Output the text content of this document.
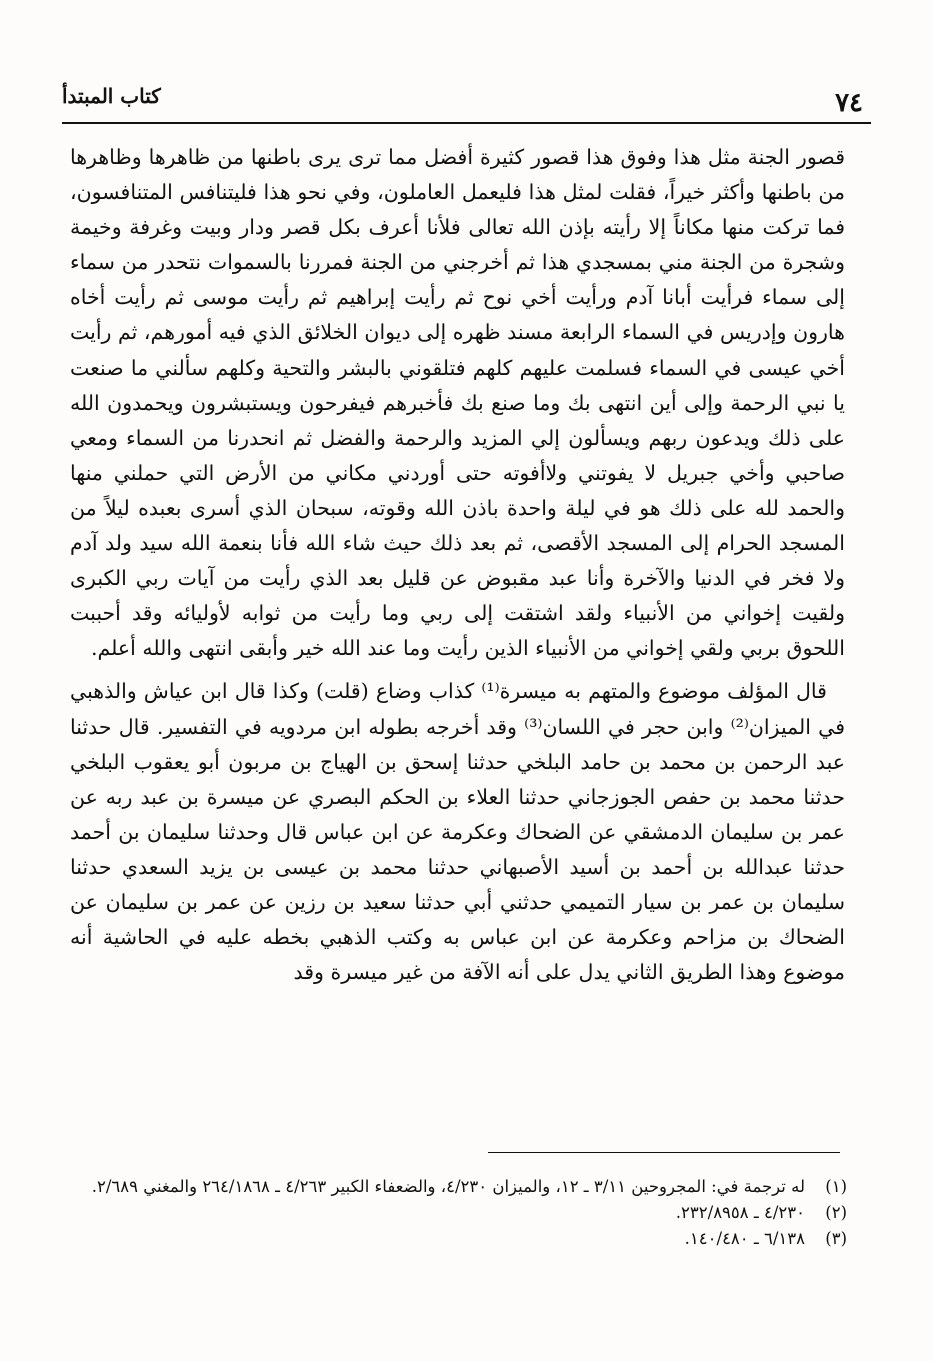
٧٤
كتاب المبتدأ

قصور الجنة مثل هذا وفوق هذا قصور كثيرة أفضل مما ترى يرى باطنها من ظاهرها وظاهرها من باطنها وأكثر خيراً، فقلت لمثل هذا فليعمل العاملون، وفي نحو هذا فليتنافس المتنافسون، فما تركت منها مكاناً إلا رأيته بإذن الله تعالى فلأنا أعرف بكل قصر ودار وبيت وغرفة وخيمة وشجرة من الجنة مني بمسجدي هذا ثم أخرجني من الجنة فمررنا بالسموات نتحدر من سماء إلى سماء فرأيت أبانا آدم ورأيت أخي نوح ثم رأيت إبراهيم ثم رأيت موسى ثم رأيت أخاه هارون وإدريس في السماء الرابعة مسند ظهره إلى ديوان الخلائق الذي فيه أمورهم، ثم رأيت أخي عيسى في السماء فسلمت عليهم كلهم فتلقوني بالبشر والتحية وكلهم سألني ما صنعت يا نبي الرحمة وإلى أين انتهى بك وما صنع بك فأخبرهم فيفرحون ويستبشرون ويحمدون الله على ذلك ويدعون ربهم ويسألون إلي المزيد والرحمة والفضل ثم انحدرنا من السماء ومعي صاحبي وأخي جبريل لا يفوتني ولاأفوته حتى أوردني مكاني من الأرض التي حملني منها والحمد لله على ذلك هو في ليلة واحدة باذن الله وقوته، سبحان الذي أسرى بعبده ليلاً من المسجد الحرام إلى المسجد الأقصى، ثم بعد ذلك حيث شاء الله فأنا بنعمة الله سيد ولد آدم ولا فخر في الدنيا والآخرة وأنا عبد مقبوض عن قليل بعد الذي رأيت من آيات ربي الكبرى ولقيت إخواني من الأنبياء ولقد اشتقت إلى ربي وما رأيت من ثوابه لأوليائه وقد أحببت اللحوق بربي ولقي إخواني من الأنبياء الذين رأيت وما عند الله خير وأبقى انتهى والله أعلم.

قال المؤلف موضوع والمتهم به ميسرة⁽¹⁾ كذاب وضاع (قلت) وكذا قال ابن عياش والذهبي في الميزان⁽²⁾ وابن حجر في اللسان⁽³⁾ وقد أخرجه بطوله ابن مردويه في التفسير. قال حدثنا عبد الرحمن بن محمد بن حامد البلخي حدثنا إسحق بن الهياج بن مربون أبو يعقوب البلخي حدثنا محمد بن حفص الجوزجاني حدثنا العلاء بن الحكم البصري عن ميسرة بن عبد ربه عن عمر بن سليمان الدمشقي عن الضحاك وعكرمة عن ابن عباس قال وحدثنا سليمان بن أحمد حدثنا عبدالله بن أحمد بن أسيد الأصبهاني حدثنا محمد بن عيسى بن يزيد السعدي حدثنا سليمان بن عمر بن سيار التميمي حدثني أبي حدثنا سعيد بن رزين عن عمر بن سليمان عن الضحاك بن مزاحم وعكرمة عن ابن عباس به وكتب الذهبي بخطه عليه في الحاشية أنه موضوع وهذا الطريق الثاني يدل على أنه الآفة من غير ميسرة وقد

(١)
له ترجمة في: المجروحين ٣/١١ ـ ١٢، والميزان ٤/٢٣٠، والضعفاء الكبير ٤/٢٦٣ ـ ٢٦٤/١٨٦٨ والمغني ٢/٦٨٩.
(٢)
٤/٢٣٠ ـ ٢٣٢/٨٩٥٨.
(٣)
٦/١٣٨ ـ ١٤٠/٤٨٠.
